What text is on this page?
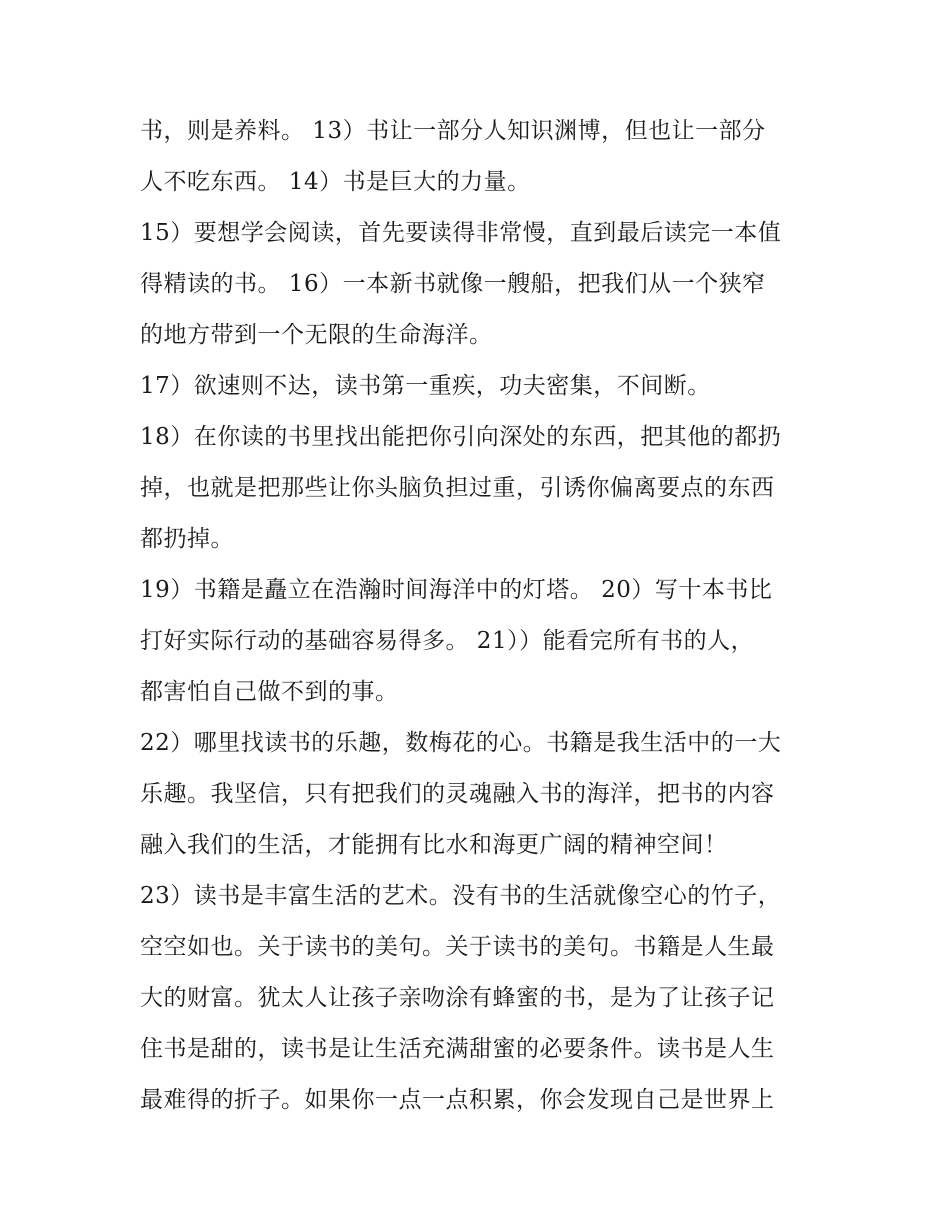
书，则是养料。 13）书让一部分人知识渊博，但也让一部分
人不吃东西。 14）书是巨大的力量。
15）要想学会阅读，首先要读得非常慢，直到最后读完一本值
得精读的书。 16）一本新书就像一艘船，把我们从一个狭窄
的地方带到一个无限的生命海洋。
17）欲速则不达，读书第一重疾，功夫密集，不间断。
18）在你读的书里找出能把你引向深处的东西，把其他的都扔
掉，也就是把那些让你头脑负担过重，引诱你偏离要点的东西
都扔掉。
19）书籍是矗立在浩瀚时间海洋中的灯塔。 20）写十本书比
打好实际行动的基础容易得多。 21））能看完所有书的人，
都害怕自己做不到的事。
22）哪里找读书的乐趣，数梅花的心。书籍是我生活中的一大
乐趣。我坚信，只有把我们的灵魂融入书的海洋，把书的内容
融入我们的生活，才能拥有比水和海更广阔的精神空间！
23）读书是丰富生活的艺术。没有书的生活就像空心的竹子，
空空如也。关于读书的美句。关于读书的美句。书籍是人生最
大的财富。犹太人让孩子亲吻涂有蜂蜜的书，是为了让孩子记
住书是甜的，读书是让生活充满甜蜜的必要条件。读书是人生
最难得的折子。如果你一点一点积累，你会发现自己是世界上
